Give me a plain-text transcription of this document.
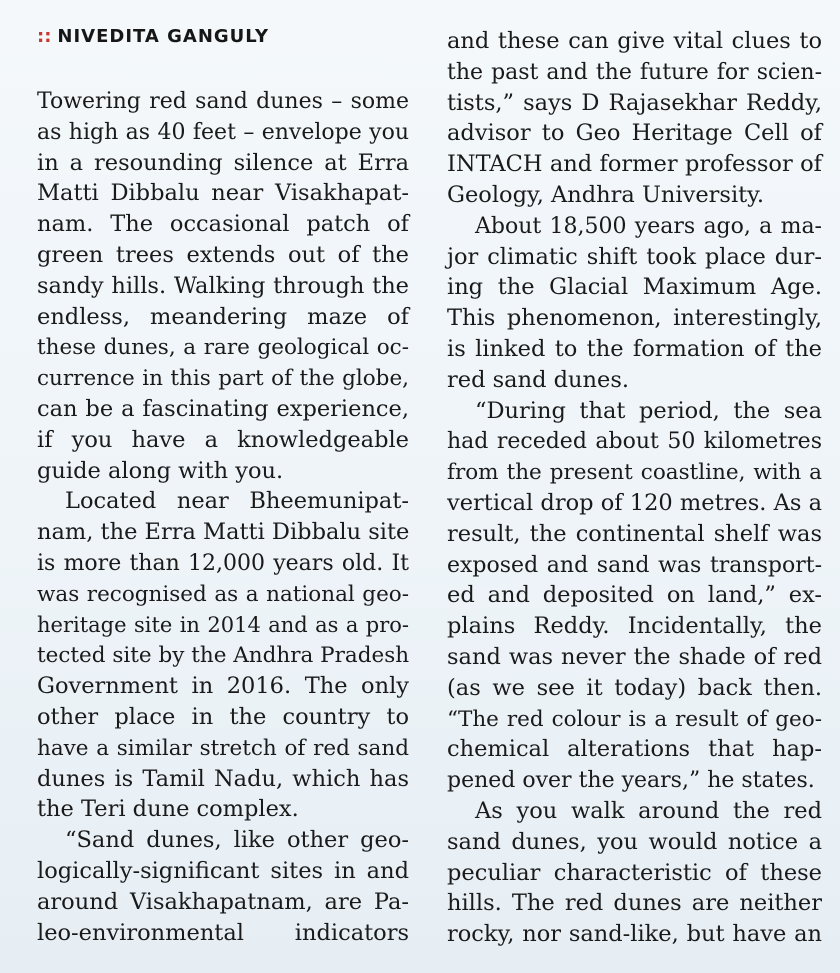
:: NIVEDITA GANGULY
Towering red sand dunes – some
as high as 40 feet – envelope you
in a resounding silence at Erra
Matti Dibbalu near Visakhapat-
nam. The occasional patch of
green trees extends out of the
sandy hills. Walking through the
endless, meandering maze of
these dunes, a rare geological oc-
currence in this part of the globe,
can be a fascinating experience,
if you have a knowledgeable
guide along with you.
Located near Bheemunipat-
nam, the Erra Matti Dibbalu site
is more than 12,000 years old. It
was recognised as a national geo-
heritage site in 2014 and as a pro-
tected site by the Andhra Pradesh
Government in 2016. The only
other place in the country to
have a similar stretch of red sand
dunes is Tamil Nadu, which has
the Teri dune complex.
“Sand dunes, like other geo-
logically-significant sites in and
around Visakhapatnam, are Pa-
leo-environmental indicators
and these can give vital clues to
the past and the future for scien-
tists,” says D Rajasekhar Reddy,
advisor to Geo Heritage Cell of
INTACH and former professor of
Geology, Andhra University.
About 18,500 years ago, a ma-
jor climatic shift took place dur-
ing the Glacial Maximum Age.
This phenomenon, interestingly,
is linked to the formation of the
red sand dunes.
“During that period, the sea
had receded about 50 kilometres
from the present coastline, with a
vertical drop of 120 metres. As a
result, the continental shelf was
exposed and sand was transport-
ed and deposited on land,” ex-
plains Reddy. Incidentally, the
sand was never the shade of red
(as we see it today) back then.
“The red colour is a result of geo-
chemical alterations that hap-
pened over the years,” he states.
As you walk around the red
sand dunes, you would notice a
peculiar characteristic of these
hills. The red dunes are neither
rocky, nor sand-like, but have an
